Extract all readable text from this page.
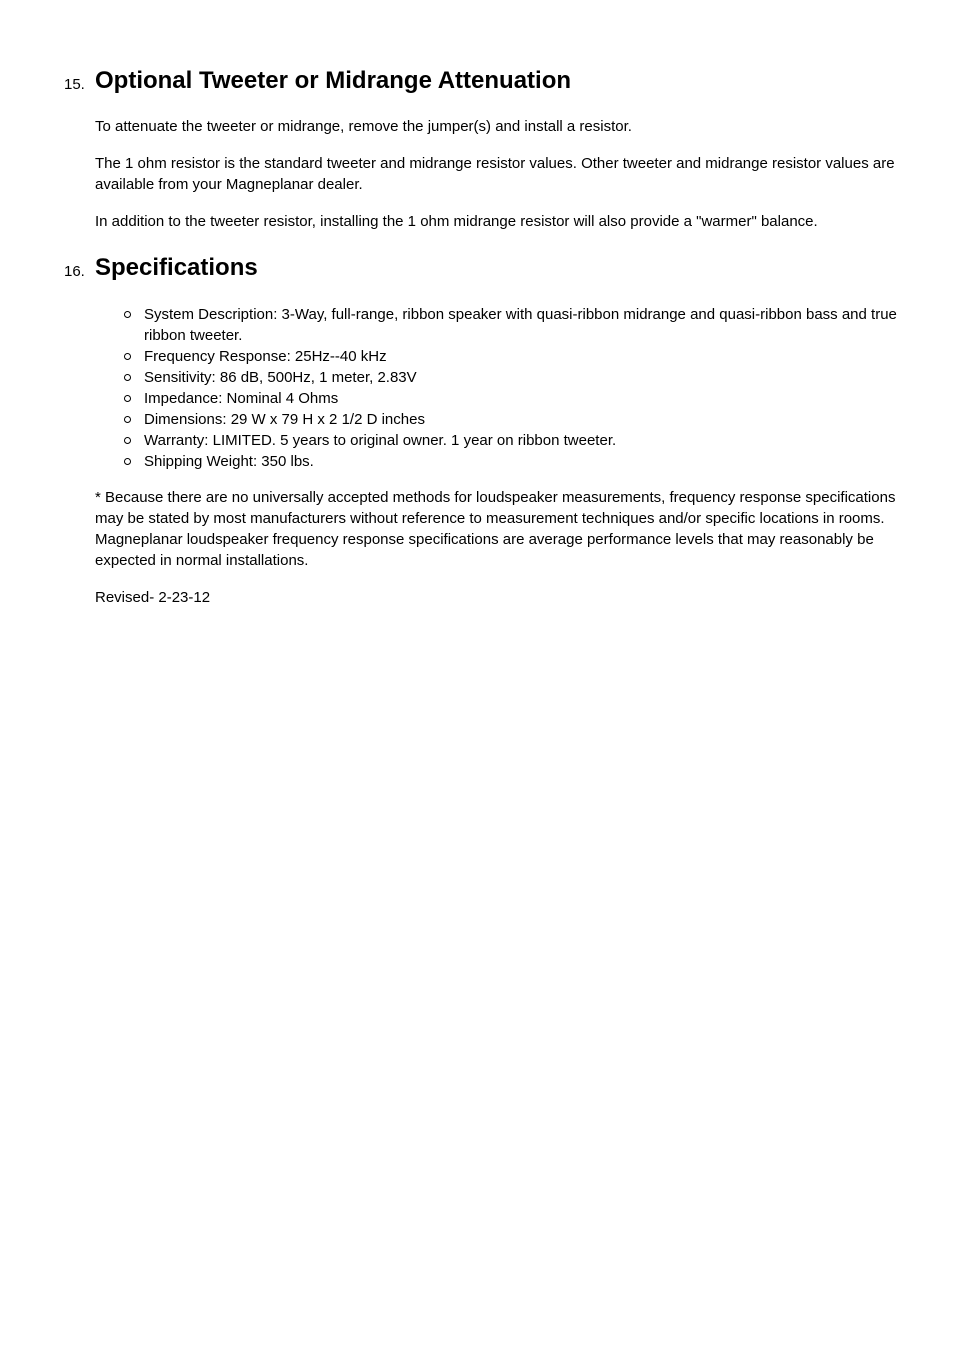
15. Optional Tweeter or Midrange Attenuation

To attenuate the tweeter or midrange, remove the jumper(s) and install a resistor.

The 1 ohm resistor is the standard tweeter and midrange resistor values. Other tweeter and midrange resistor values are available from your Magneplanar dealer.

In addition to the tweeter resistor, installing the 1 ohm midrange resistor will also provide a "warmer" balance.

16. Specifications
System Description: 3-Way, full-range, ribbon speaker with quasi-ribbon midrange and quasi-ribbon bass and true ribbon tweeter.
Frequency Response: 25Hz--40 kHz
Sensitivity: 86 dB, 500Hz, 1 meter, 2.83V
Impedance: Nominal 4 Ohms
Dimensions: 29 W x 79 H x 2 1/2 D inches
Warranty: LIMITED. 5 years to original owner. 1 year on ribbon tweeter.
Shipping Weight: 350 lbs.

* Because there are no universally accepted methods for loudspeaker measurements, frequency response specifications may be stated by most manufacturers without reference to measurement techniques and/or specific locations in rooms. Magneplanar loudspeaker frequency response specifications are average performance levels that may reasonably be expected in normal installations.

Revised- 2-23-12
